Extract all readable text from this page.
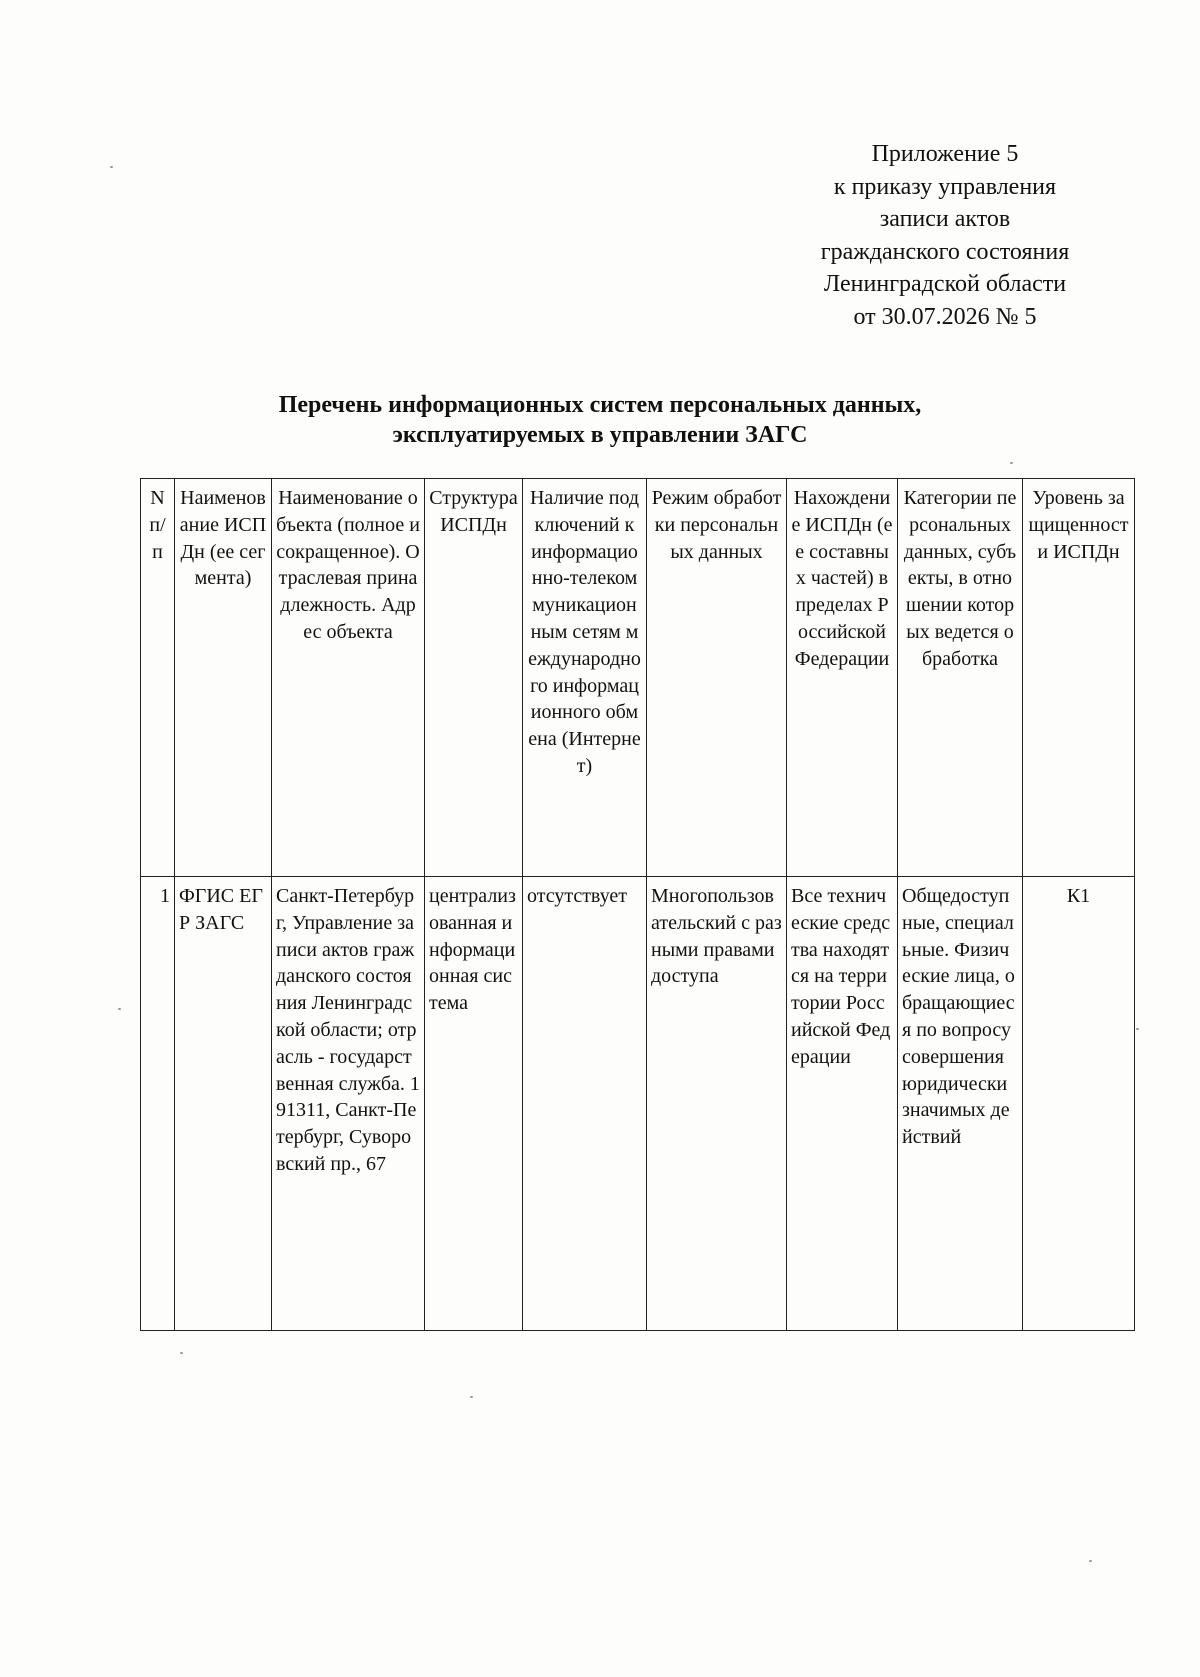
Приложение 5
к приказу управления
записи актов
гражданского состояния
Ленинградской области
от 30.07.2026 № 5
Перечень информационных систем персональных данных,
эксплуатируемых в управлении ЗАГС
N п/п	Наименование ИСПДн (ее сегмента)	Наименование объекта (полное и сокращенное). Отраслевая принадлежность. Адрес объекта	Структура ИСПДн	Наличие подключений к информационно-телекоммуникационным сетям международного информационного обмена (Интернет)	Режим обработки персональных данных	Нахождение ИСПДн (ее составных частей) в пределах Российской Федерации	Категории персональных данных, субъекты, в отношении которых ведется обработка	Уровень защищенности ИСПДн
1	ФГИС ЕГР ЗАГС	Санкт-Петербург, Управление записи актов гражданского состояния Ленинградской области; отрасль - государственная служба. 191311, Санкт-Петербург, Суворовский пр., 67	централизованная информационная система	отсутствует	Многопользовательский с разными правами доступа	Все технические средства находятся на территории Российской Федерации	Общедоступные, специальные. Физические лица, обращающиеся по вопросу совершения юридически значимых действий	К1
